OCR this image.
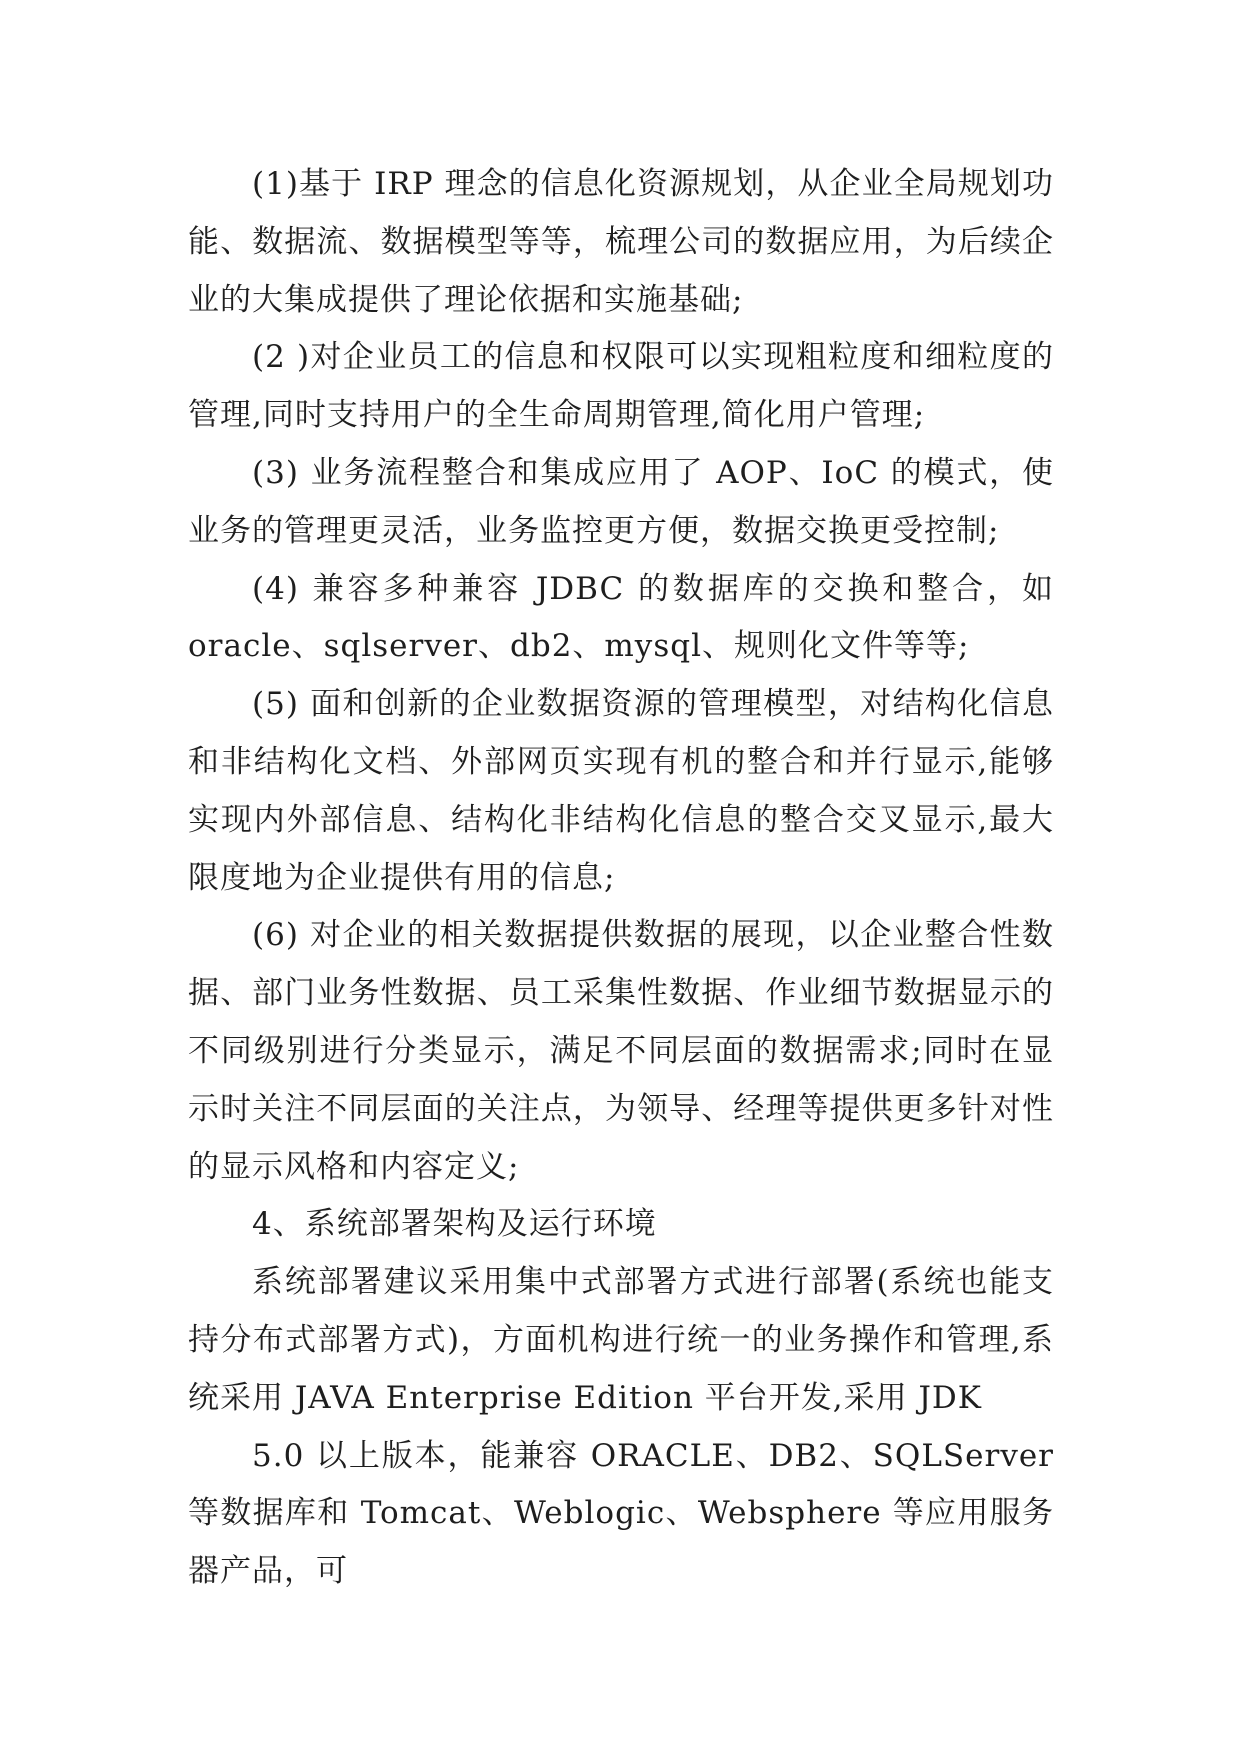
(1)基于 IRP 理念的信息化资源规划，从企业全局规划功能、数据流、数据模型等等，梳理公司的数据应用，为后续企业的大集成提供了理论依据和实施基础;

(2 )对企业员工的信息和权限可以实现粗粒度和细粒度的管理,同时支持用户的全生命周期管理,简化用户管理;

(3) 业务流程整合和集成应用了 AOP、IoC 的模式，使业务的管理更灵活，业务监控更方便，数据交换更受控制;

(4) 兼容多种兼容 JDBC 的数据库的交换和整合，如 oracle、sqlserver、db2、mysql、规则化文件等等;

(5) 面和创新的企业数据资源的管理模型，对结构化信息和非结构化文档、外部网页实现有机的整合和并行显示,能够实现内外部信息、结构化非结构化信息的整合交叉显示,最大限度地为企业提供有用的信息;

(6) 对企业的相关数据提供数据的展现，以企业整合性数据、部门业务性数据、员工采集性数据、作业细节数据显示的不同级别进行分类显示，满足不同层面的数据需求;同时在显示时关注不同层面的关注点，为领导、经理等提供更多针对性的显示风格和内容定义;

4、系统部署架构及运行环境

系统部署建议采用集中式部署方式进行部署(系统也能支持分布式部署方式)，方面机构进行统一的业务操作和管理,系统采用 JAVA Enterprise Edition 平台开发,采用 JDK

5.0 以上版本，能兼容 ORACLE、DB2、SQLServer 等数据库和 Tomcat、Weblogic、Websphere 等应用服务器产品，可
